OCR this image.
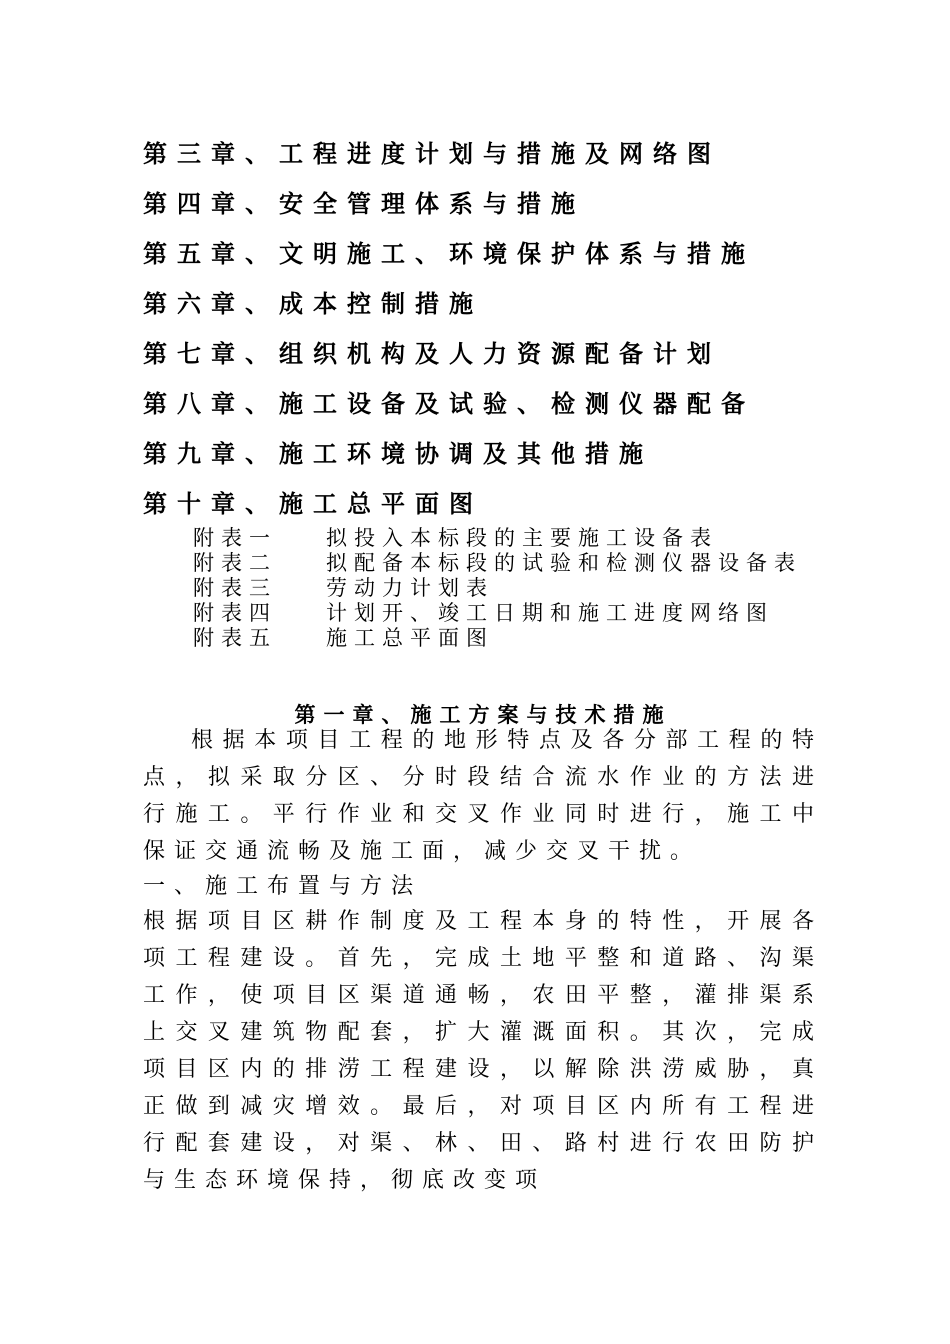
第三章、工程进度计划与措施及网络图
第四章、安全管理体系与措施
第五章、文明施工、环境保护体系与措施
第六章、成本控制措施
第七章、组织机构及人力资源配备计划
第八章、施工设备及试验、检测仪器配备
第九章、施工环境协调及其他措施
第十章、施工总平面图
附表一 拟投入本标段的主要施工设备表
附表二 拟配备本标段的试验和检测仪器设备表
附表三 劳动力计划表
附表四 计划开、竣工日期和施工进度网络图
附表五 施工总平面图
第一章、施工方案与技术措施
根据本项目工程的地形特点及各分部工程的特点，拟采取分区、分时段结合流水作业的方法进行施工。平行作业和交叉作业同时进行，施工中保证交通流畅及施工面，减少交叉干扰。
一、施工布置与方法
根据项目区耕作制度及工程本身的特性，开展各项工程建设。首先，完成土地平整和道路、沟渠工作，使项目区渠道通畅，农田平整，灌排渠系上交叉建筑物配套，扩大灌溉面积。其次，完成项目区内的排涝工程建设，以解除洪涝威胁，真正做到减灾增效。最后，对项目区内所有工程进行配套建设，对渠、林、田、路村进行农田防护与生态环境保持，彻底改变项
